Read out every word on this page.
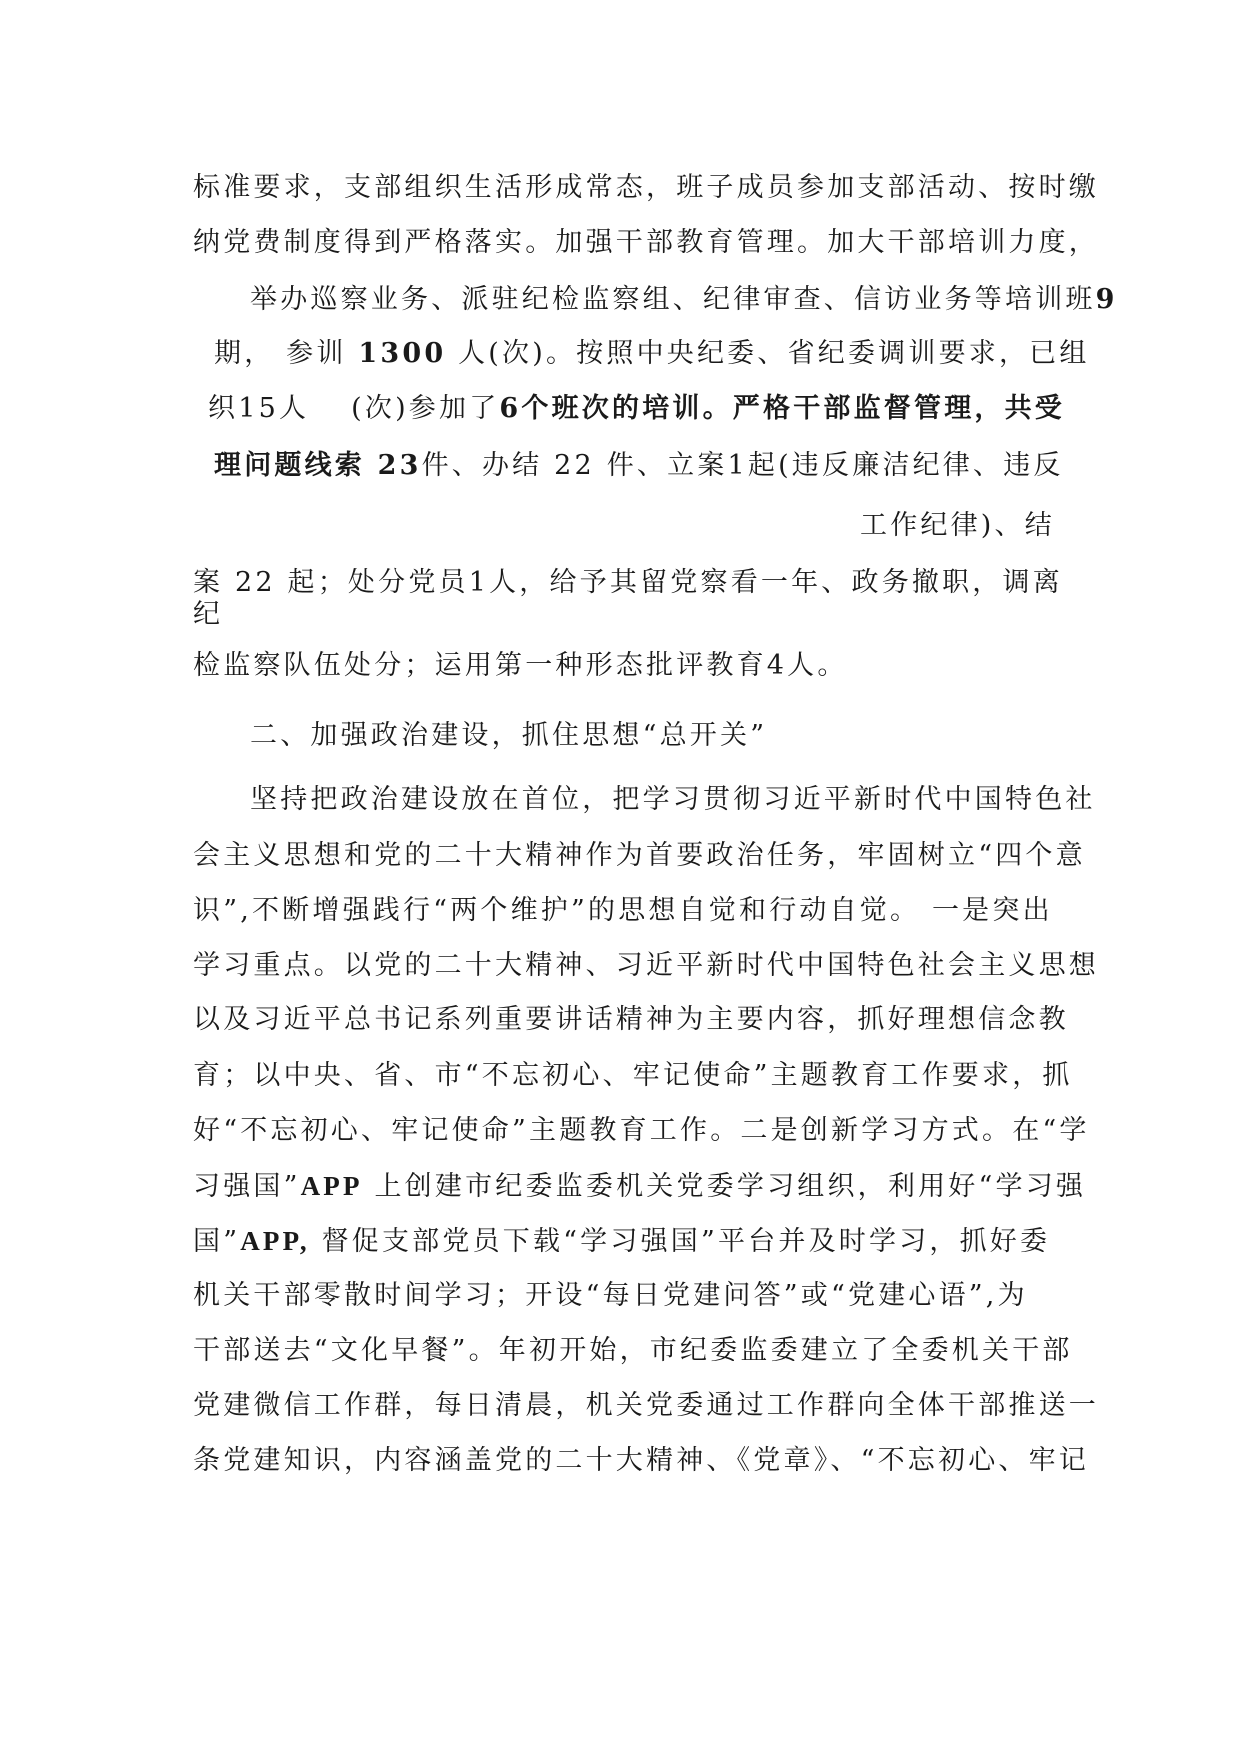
标准要求，支部组织生活形成常态，班子成员参加支部活动、按时缴
纳党费制度得到严格落实。加强干部教育管理。加大干部培训力度，
举办巡察业务、派驻纪检监察组、纪律审查、信访业务等培训班9
期， 参训 1300 人(次)。按照中央纪委、省纪委调训要求，已组
织15人　 (次)参加了6个班次的培训。严格干部监督管理，共受
理问题线索 23件、办结 22 件、立案1起(违反廉洁纪律、违反
工作纪律)、结
案 22 起；处分党员1人，给予其留党察看一年、政务撤职，调离
纪
检监察队伍处分；运用第一种形态批评教育4人。
二、加强政治建设，抓住思想“总开关”
坚持把政治建设放在首位，把学习贯彻习近平新时代中国特色社
会主义思想和党的二十大精神作为首要政治任务，牢固树立“四个意
识”,不断增强践行“两个维护”的思想自觉和行动自觉。 一是突出
学习重点。以党的二十大精神、习近平新时代中国特色社会主义思想
以及习近平总书记系列重要讲话精神为主要内容，抓好理想信念教
育；以中央、省、市“不忘初心、牢记使命”主题教育工作要求，抓
好“不忘初心、牢记使命”主题教育工作。二是创新学习方式。在“学
习强国”APP 上创建市纪委监委机关党委学习组织，利用好“学习强
国”APP, 督促支部党员下载“学习强国”平台并及时学习，抓好委
机关干部零散时间学习；开设“每日党建问答”或“党建心语”,为
干部送去“文化早餐”。年初开始，市纪委监委建立了全委机关干部
党建微信工作群，每日清晨，机关党委通过工作群向全体干部推送一
条党建知识，内容涵盖党的二十大精神、《党章》、“不忘初心、牢记
